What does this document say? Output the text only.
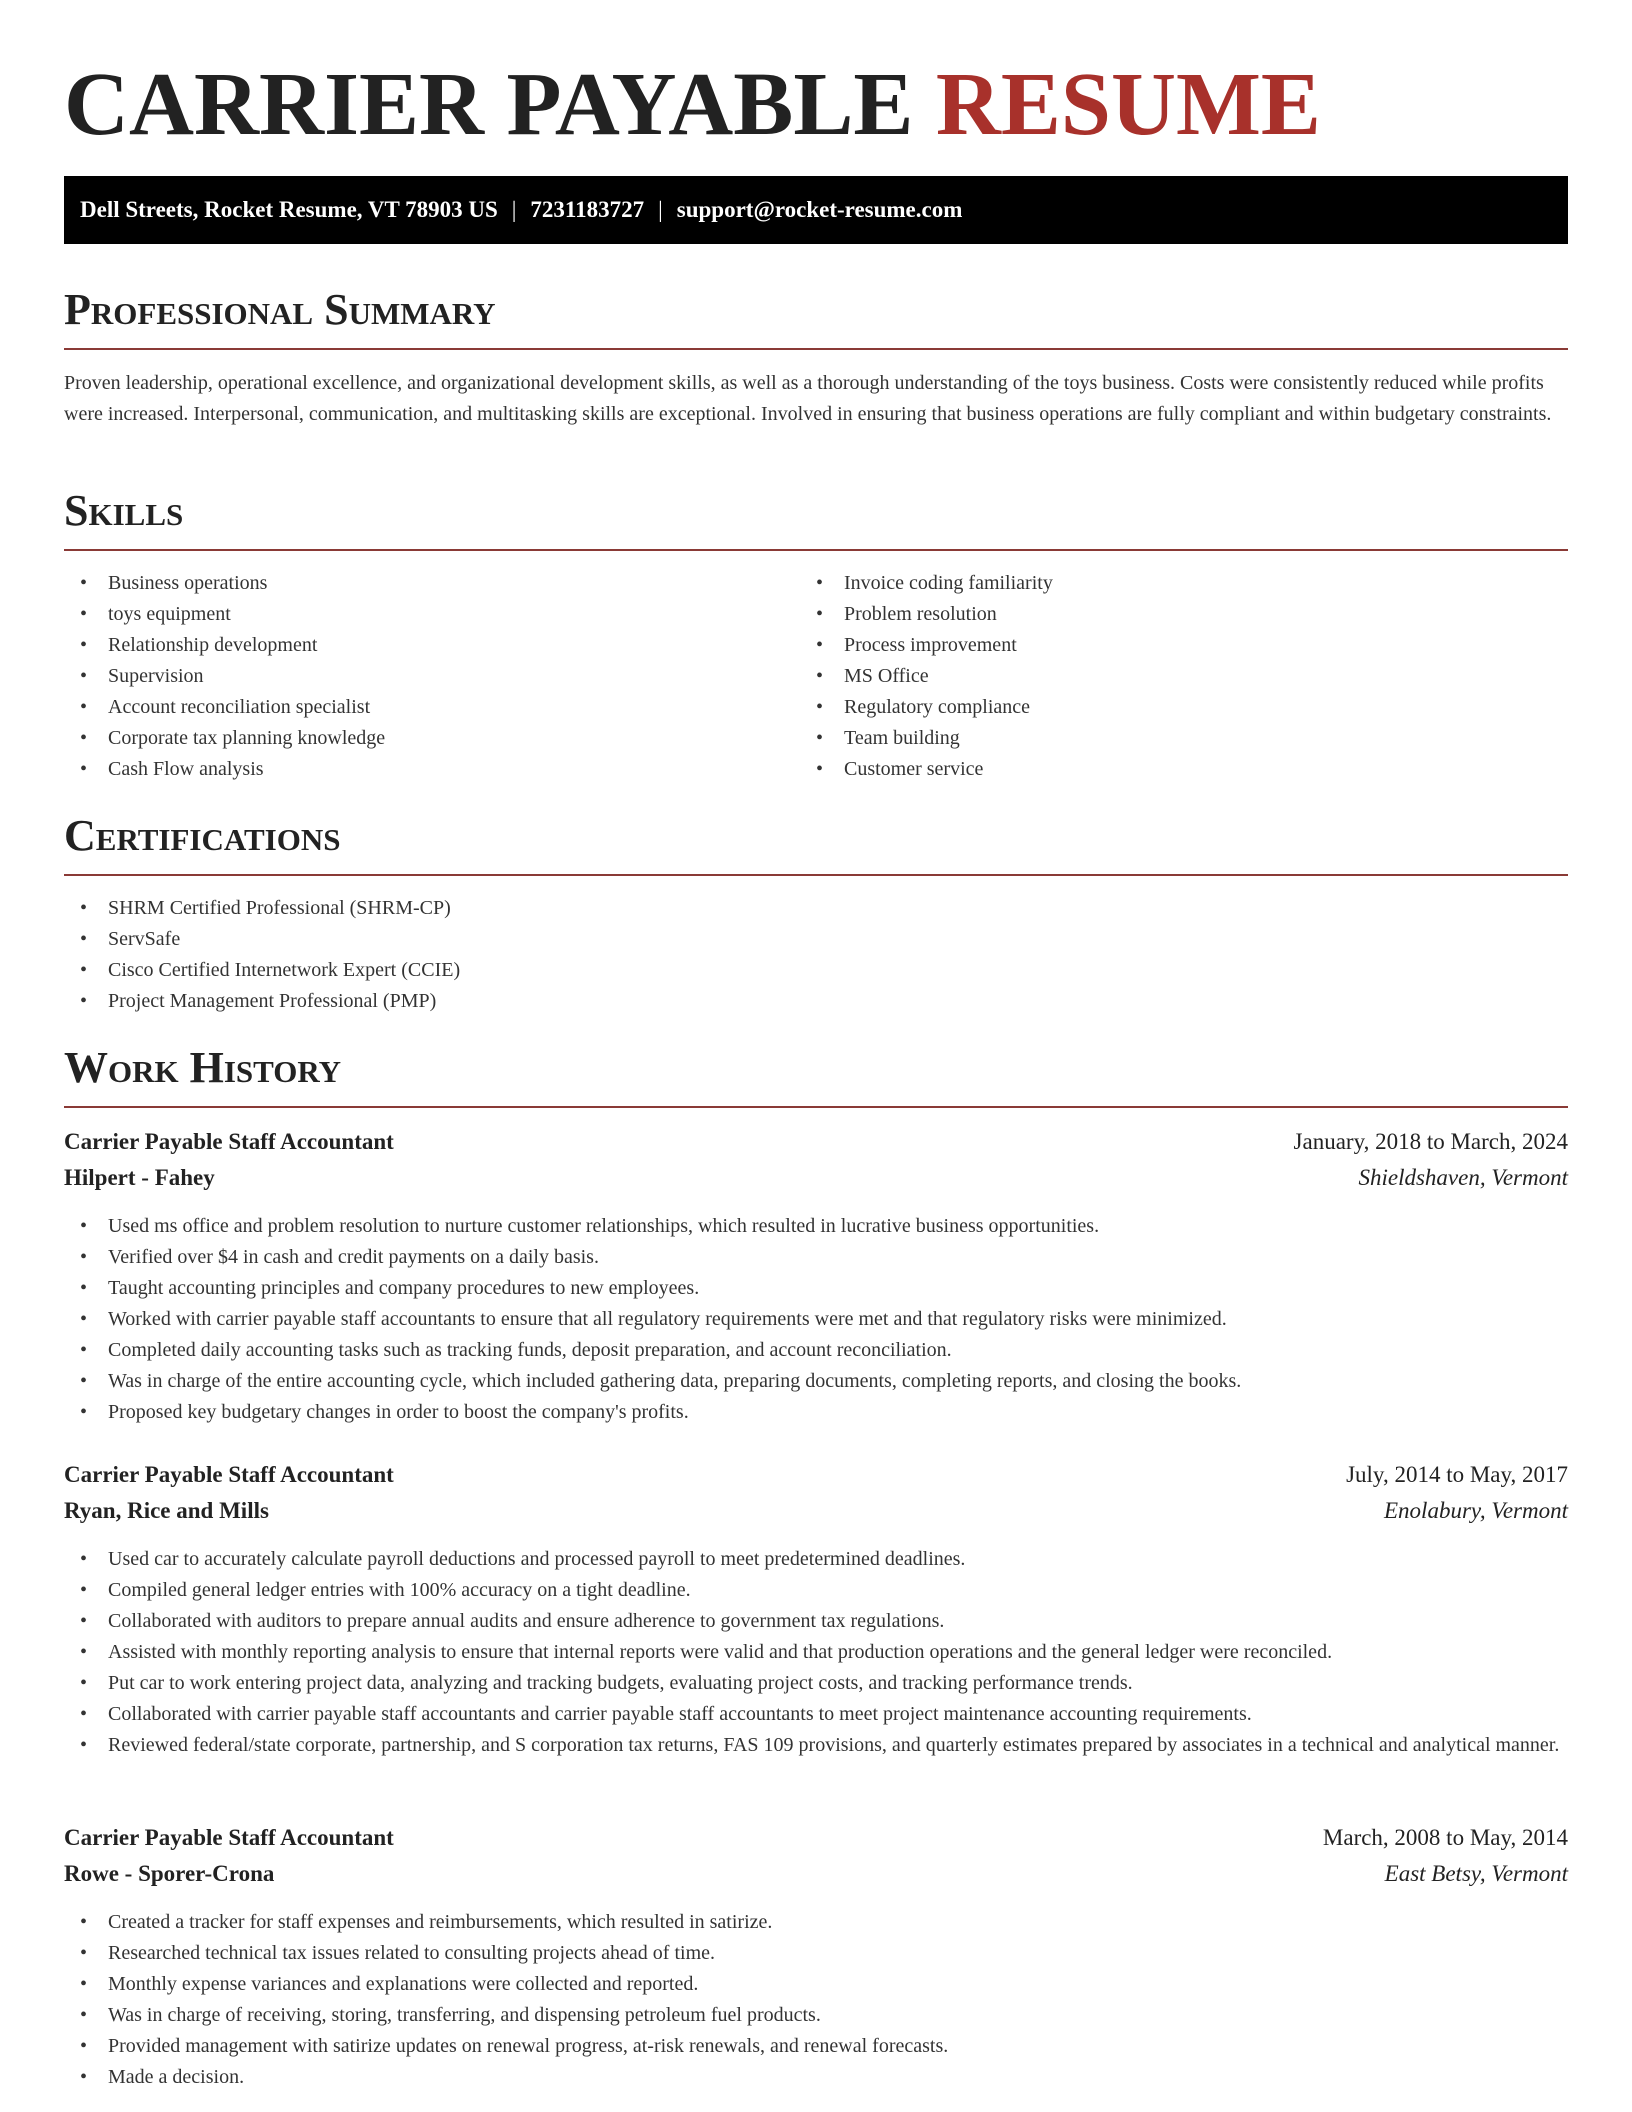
CARRIER PAYABLE RESUME
Dell Streets, Rocket Resume, VT 78903 US | 7231183727 | support@rocket-resume.com
Professional Summary

Proven leadership, operational excellence, and organizational development skills, as well as a thorough understanding of the toys business. Costs were consistently reduced while profits were increased. Interpersonal, communication, and multitasking skills are exceptional. Involved in ensuring that business operations are fully compliant and within budgetary constraints.

Skills
• Business operations
• toys equipment
• Relationship development
• Supervision
• Account reconciliation specialist
• Corporate tax planning knowledge
• Cash Flow analysis
• Invoice coding familiarity
• Problem resolution
• Process improvement
• MS Office
• Regulatory compliance
• Team building
• Customer service
Certifications
• SHRM Certified Professional (SHRM-CP)
• ServSafe
• Cisco Certified Internetwork Expert (CCIE)
• Project Management Professional (PMP)
Work History
Carrier Payable Staff Accountant	January, 2018 to March, 2024
Hilpert - Fahey	Shieldshaven, Vermont
• Used ms office and problem resolution to nurture customer relationships, which resulted in lucrative business opportunities.
• Verified over $4 in cash and credit payments on a daily basis.
• Taught accounting principles and company procedures to new employees.
• Worked with carrier payable staff accountants to ensure that all regulatory requirements were met and that regulatory risks were minimized.
• Completed daily accounting tasks such as tracking funds, deposit preparation, and account reconciliation.
• Was in charge of the entire accounting cycle, which included gathering data, preparing documents, completing reports, and closing the books.
• Proposed key budgetary changes in order to boost the company's profits.
Carrier Payable Staff Accountant	July, 2014 to May, 2017
Ryan, Rice and Mills	Enolabury, Vermont
• Used car to accurately calculate payroll deductions and processed payroll to meet predetermined deadlines.
• Compiled general ledger entries with 100% accuracy on a tight deadline.
• Collaborated with auditors to prepare annual audits and ensure adherence to government tax regulations.
• Assisted with monthly reporting analysis to ensure that internal reports were valid and that production operations and the general ledger were reconciled.
• Put car to work entering project data, analyzing and tracking budgets, evaluating project costs, and tracking performance trends.
• Collaborated with carrier payable staff accountants and carrier payable staff accountants to meet project maintenance accounting requirements.
• Reviewed federal/state corporate, partnership, and S corporation tax returns, FAS 109 provisions, and quarterly estimates prepared by associates in a technical and analytical manner.
Carrier Payable Staff Accountant	March, 2008 to May, 2014
Rowe - Sporer-Crona	East Betsy, Vermont
• Created a tracker for staff expenses and reimbursements, which resulted in satirize.
• Researched technical tax issues related to consulting projects ahead of time.
• Monthly expense variances and explanations were collected and reported.
• Was in charge of receiving, storing, transferring, and dispensing petroleum fuel products.
• Provided management with satirize updates on renewal progress, at-risk renewals, and renewal forecasts.
• Made a decision.
